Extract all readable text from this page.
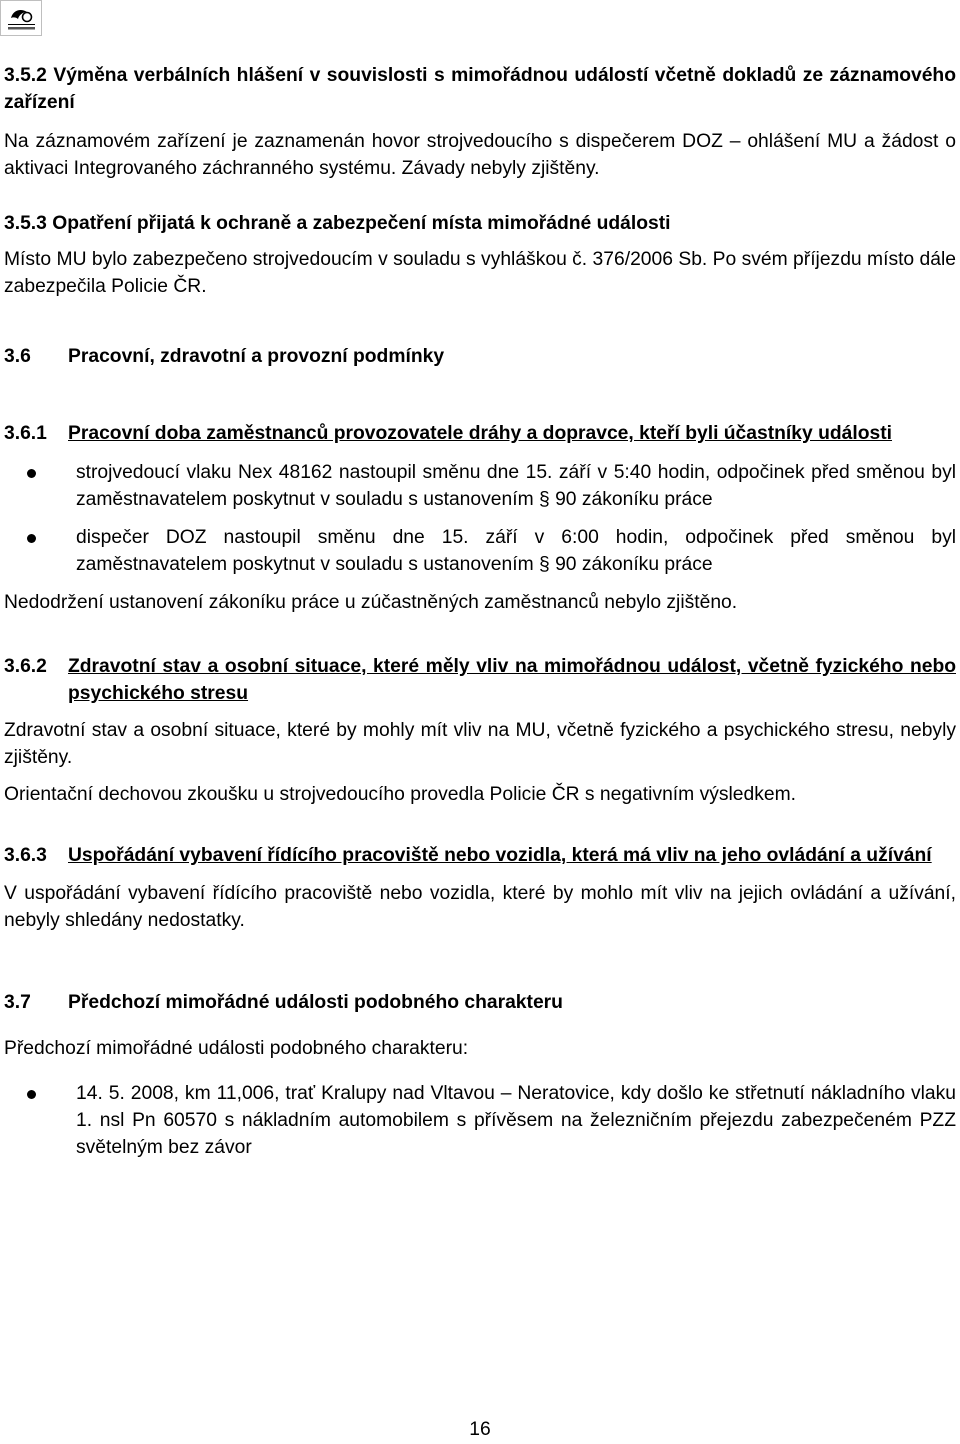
3.5.2 Výměna verbálních hlášení v souvislosti s mimořádnou událostí včetně dokladů ze záznamového zařízení

Na záznamovém zařízení je zaznamenán hovor strojvedoucího s dispečerem DOZ – ohlášení MU a žádost o aktivaci Integrovaného záchranného systému. Závady nebyly zjištěny.

3.5.3 Opatření přijatá k ochraně a zabezpečení místa mimořádné události

Místo MU bylo zabezpečeno strojvedoucím v souladu s vyhláškou č. 376/2006 Sb. Po svém příjezdu místo dále zabezpečila Policie ČR.

3.6	Pracovní, zdravotní a provozní podmínky
3.6.1	Pracovní doba zaměstnanců provozovatele dráhy a dopravce, kteří byli účastníky události
strojvedoucí vlaku Nex 48162 nastoupil směnu dne 15. září v 5:40 hodin, odpočinek před směnou byl zaměstnavatelem poskytnut v souladu s ustanovením § 90 zákoníku práce
dispečer DOZ nastoupil směnu dne 15. září v 6:00 hodin, odpočinek před směnou byl zaměstnavatelem poskytnut v souladu s ustanovením § 90 zákoníku práce

Nedodržení ustanovení zákoníku práce u zúčastněných zaměstnanců nebylo zjištěno.

3.6.2	Zdravotní stav a osobní situace, které měly vliv na mimořádnou událost, včetně fyzického nebo psychického stresu

Zdravotní stav a osobní situace, které by mohly mít vliv na MU, včetně fyzického a psychického stresu, nebyly zjištěny.

Orientační dechovou zkoušku u strojvedoucího provedla Policie ČR s negativním výsledkem.

3.6.3	Uspořádání vybavení řídícího pracoviště nebo vozidla, která má vliv na jeho ovládání a užívání

V uspořádání vybavení řídícího pracoviště nebo vozidla, které by mohlo mít vliv na jejich ovládání a užívání, nebyly shledány nedostatky.

3.7	Předchozí mimořádné události podobného charakteru

Předchozí mimořádné události podobného charakteru:

14. 5. 2008, km 11,006, trať Kralupy nad Vltavou – Neratovice, kdy došlo ke střetnutí nákladního vlaku 1. nsl Pn 60570 s nákladním automobilem s přívěsem na železničním přejezdu zabezpečeném PZZ světelným bez závor
16
